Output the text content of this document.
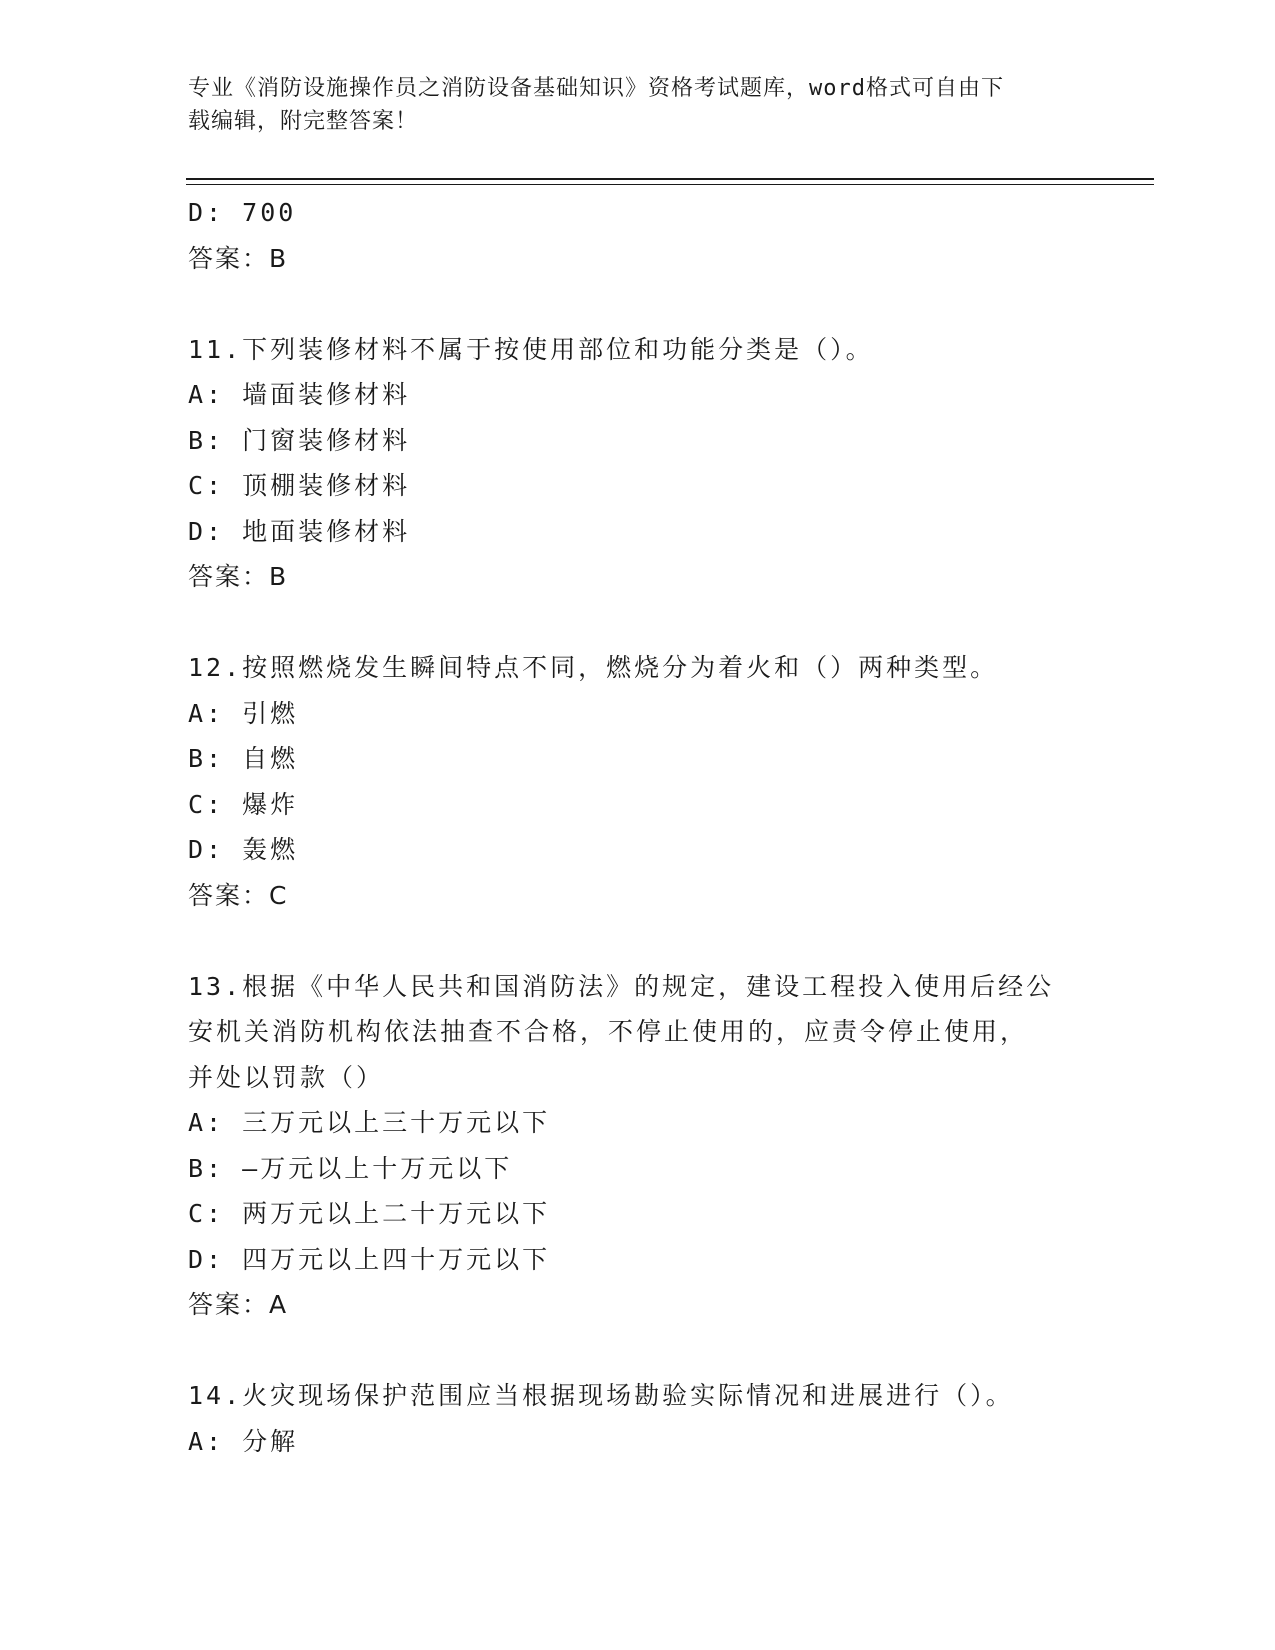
专业《消防设施操作员之消防设备基础知识》资格考试题库，word格式可自由下
载编辑，附完整答案！
D: 700
答案：B
11.下列装修材料不属于按使用部位和功能分类是（）。
A: 墙面装修材料
B: 门窗装修材料
C: 顶棚装修材料
D: 地面装修材料
答案：B
12.按照燃烧发生瞬间特点不同，燃烧分为着火和（）两种类型。
A: 引燃
B: 自燃
C: 爆炸
D: 轰燃
答案：C
13.根据《中华人民共和国消防法》的规定，建设工程投入使用后经公
安机关消防机构依法抽查不合格，不停止使用的，应责令停止使用，
并处以罚款（）
A: 三万元以上三十万元以下
B: —万元以上十万元以下
C: 两万元以上二十万元以下
D: 四万元以上四十万元以下
答案：A
14.火灾现场保护范围应当根据现场勘验实际情况和进展进行（）。
A: 分解
